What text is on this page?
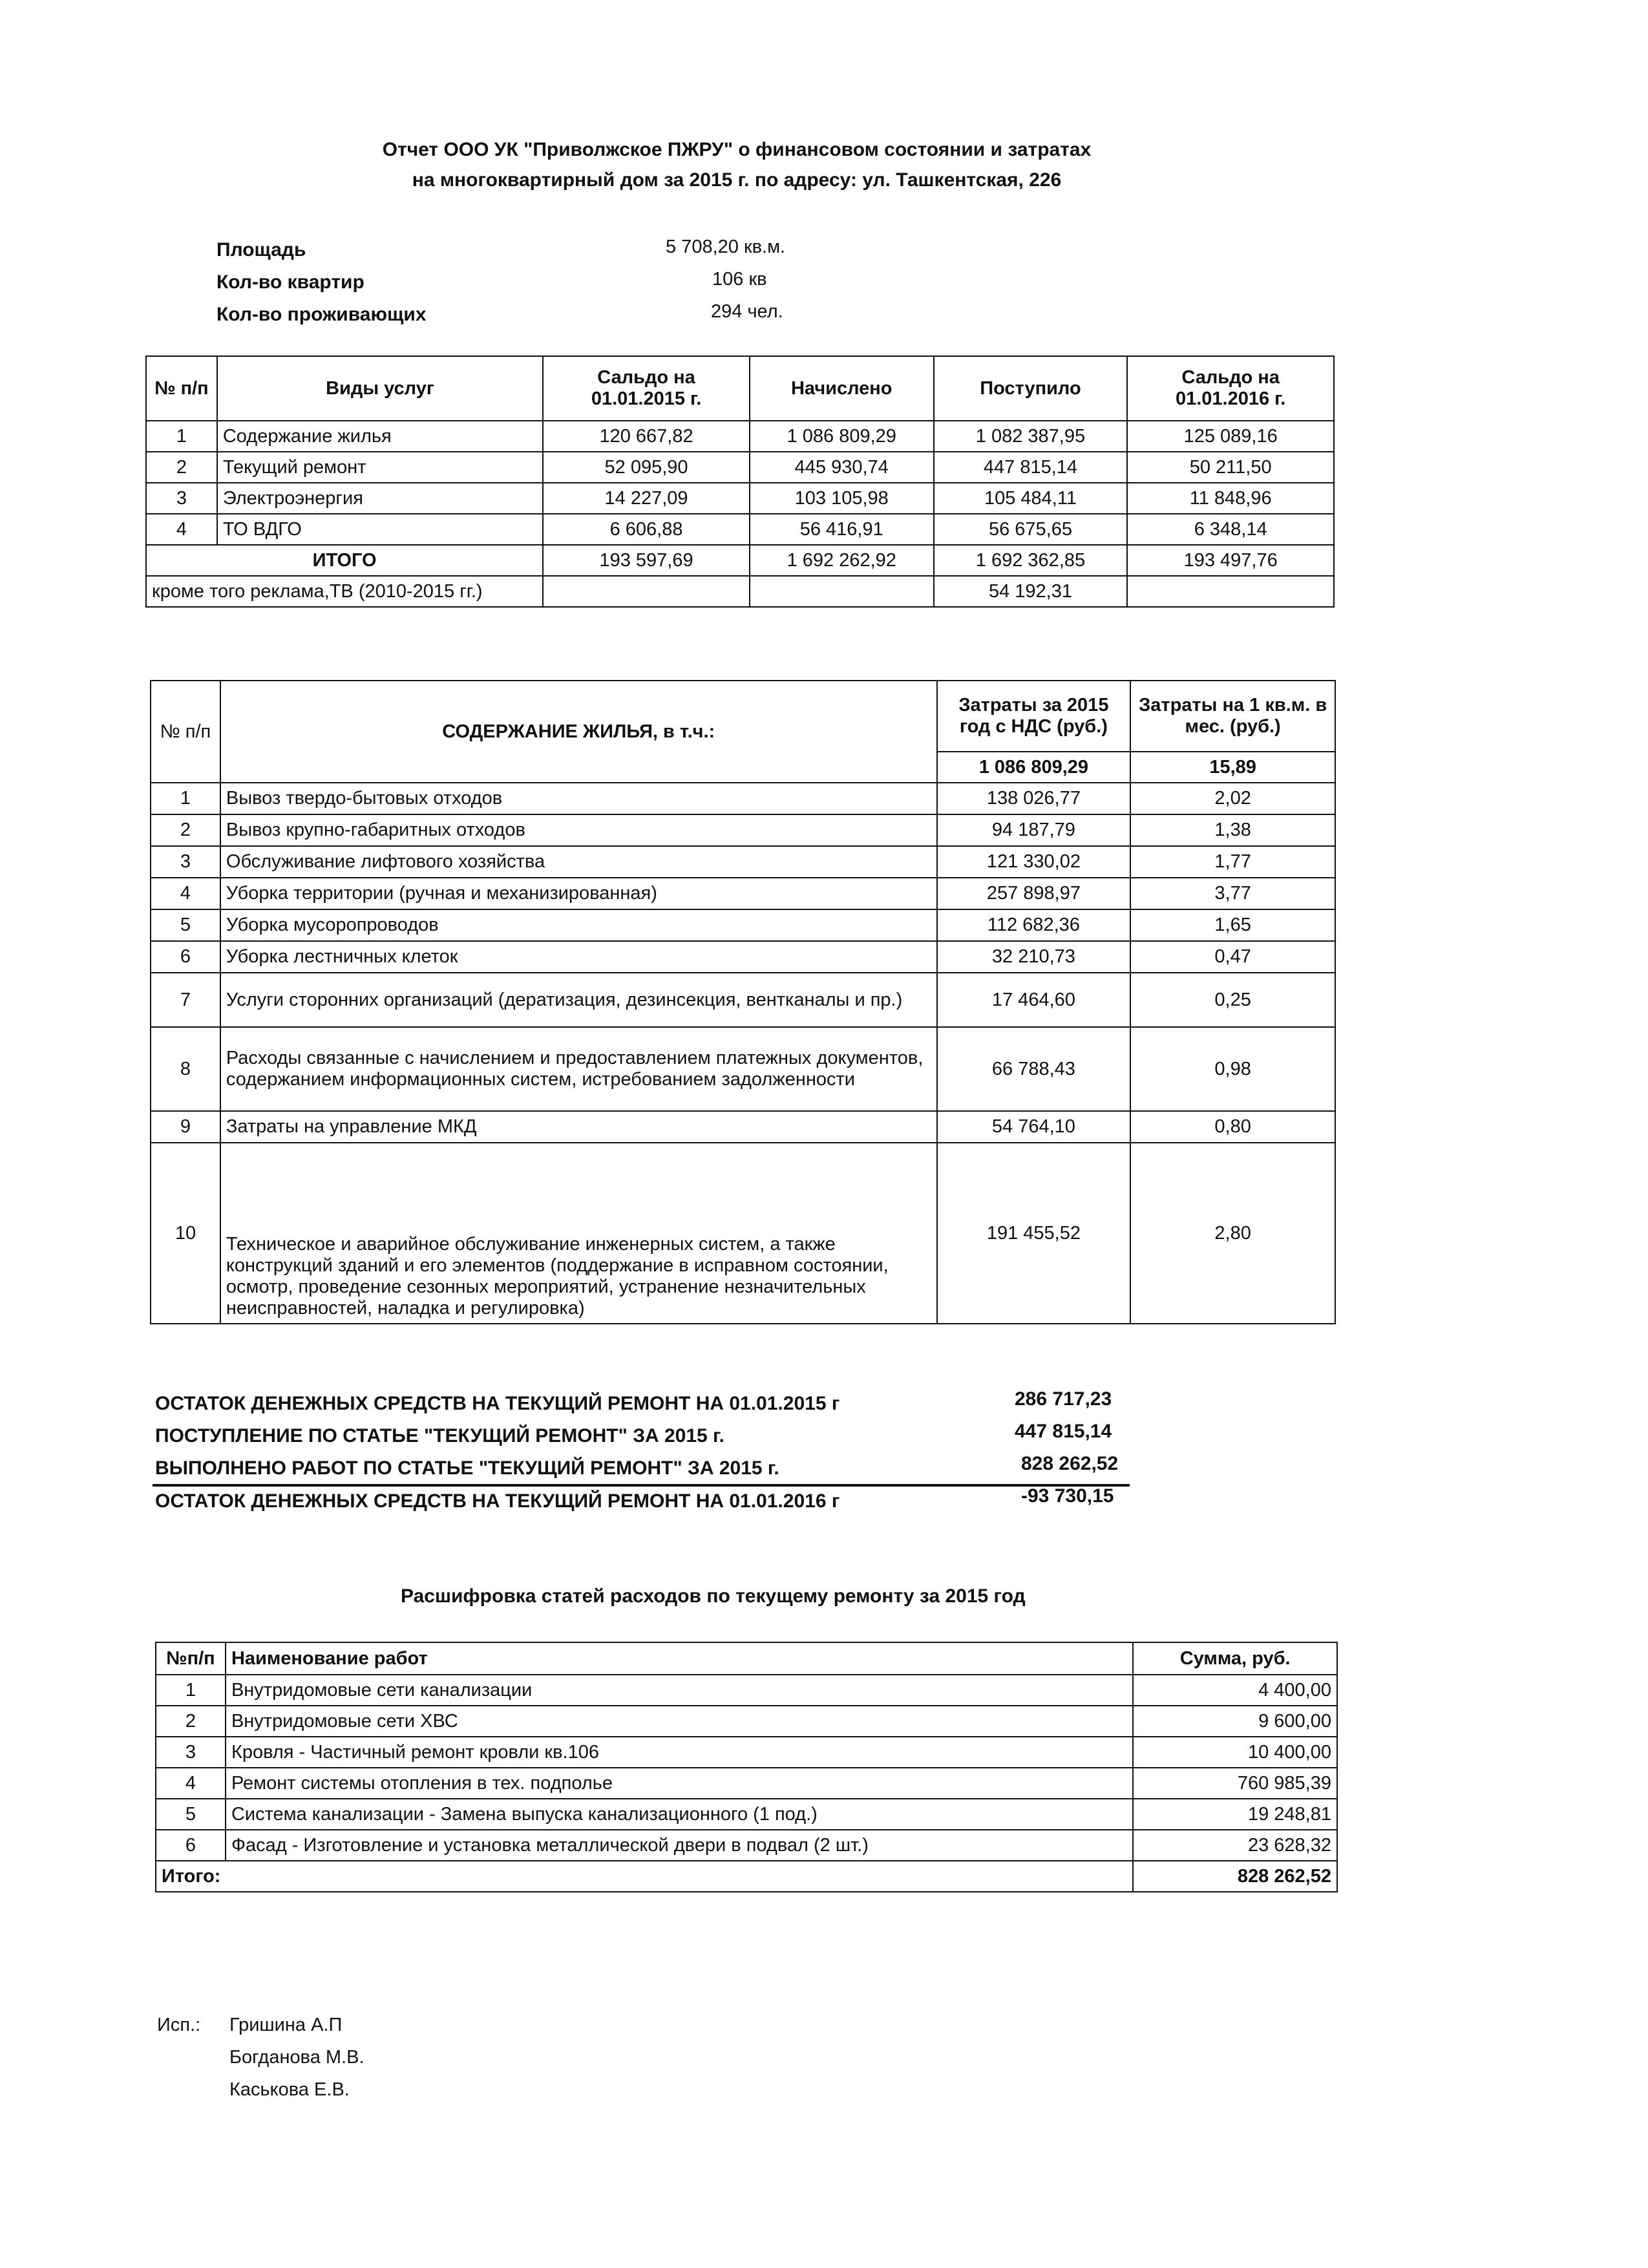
Отчет ООО УК "Приволжское ПЖРУ" о финансовом состоянии и затратах
на многоквартирный дом за 2015 г. по адресу: ул. Ташкентская, 226
Площадь	5 708,20 кв.м.
Кол-во квартир	106 кв
Кол-во проживающих	294 чел.
№ п/п	Виды услуг	Сальдо на 01.01.2015 г.	Начислено	Поступило	Сальдо на 01.01.2016 г.
1	Содержание жилья	120 667,82	1 086 809,29	1 082 387,95	125 089,16
2	Текущий ремонт	52 095,90	445 930,74	447 815,14	50 211,50
3	Электроэнергия	14 227,09	103 105,98	105 484,11	11 848,96
4	ТО ВДГО	6 606,88	56 416,91	56 675,65	6 348,14
ИТОГО		193 597,69	1 692 262,92	1 692 362,85	193 497,76
кроме того реклама,ТВ (2010-2015 гг.)				54 192,31	
№ п/п	СОДЕРЖАНИЕ ЖИЛЬЯ, в т.ч.:	Затраты за 2015 год с НДС (руб.)	Затраты на 1 кв.м. в мес. (руб.)
		1 086 809,29	15,89
1	Вывоз твердо-бытовых отходов	138 026,77	2,02
2	Вывоз крупно-габаритных отходов	94 187,79	1,38
3	Обслуживание лифтового хозяйства	121 330,02	1,77
4	Уборка территории (ручная и механизированная)	257 898,97	3,77
5	Уборка мусоропроводов	112 682,36	1,65
6	Уборка лестничных клеток	32 210,73	0,47
7	Услуги сторонних организаций (дератизация, дезинсекция, вентканалы и пр.)	17 464,60	0,25
8	Расходы связанные с начислением и предоставлением платежных документов, содержанием информационных систем, истребованием задолженности	66 788,43	0,98
9	Затраты на управление МКД	54 764,10	0,80
10	Техническое и аварийное обслуживание инженерных систем, а также конструкций зданий и его элементов (поддержание в исправном состоянии, осмотр, проведение сезонных мероприятий, устранение незначительных неисправностей, наладка и регулировка)	191 455,52	2,80
ОСТАТОК ДЕНЕЖНЫХ СРЕДСТВ НА ТЕКУЩИЙ РЕМОНТ НА 01.01.2015 г	286 717,23
ПОСТУПЛЕНИЕ ПО СТАТЬЕ "ТЕКУЩИЙ РЕМОНТ" ЗА 2015 г.	447 815,14
ВЫПОЛНЕНО РАБОТ ПО СТАТЬЕ "ТЕКУЩИЙ РЕМОНТ" ЗА 2015 г.	828 262,52
ОСТАТОК ДЕНЕЖНЫХ СРЕДСТВ НА ТЕКУЩИЙ РЕМОНТ НА 01.01.2016 г	-93 730,15
Расшифровка статей расходов по текущему ремонту за 2015 год
№п/п	Наименование работ	Сумма, руб.
1	Внутридомовые сети канализации	4 400,00
2	Внутридомовые сети ХВС	9 600,00
3	Кровля - Частичный ремонт кровли кв.106	10 400,00
4	Ремонт системы отопления в тех. подполье	760 985,39
5	Система канализации - Замена выпуска канализационного (1 под.)	19 248,81
6	Фасад - Изготовление и установка металлической двери в подвал (2 шт.)	23 628,32
Итого:		828 262,52
Исп.: Гришина А.П
Богданова М.В.
Каськова Е.В.
